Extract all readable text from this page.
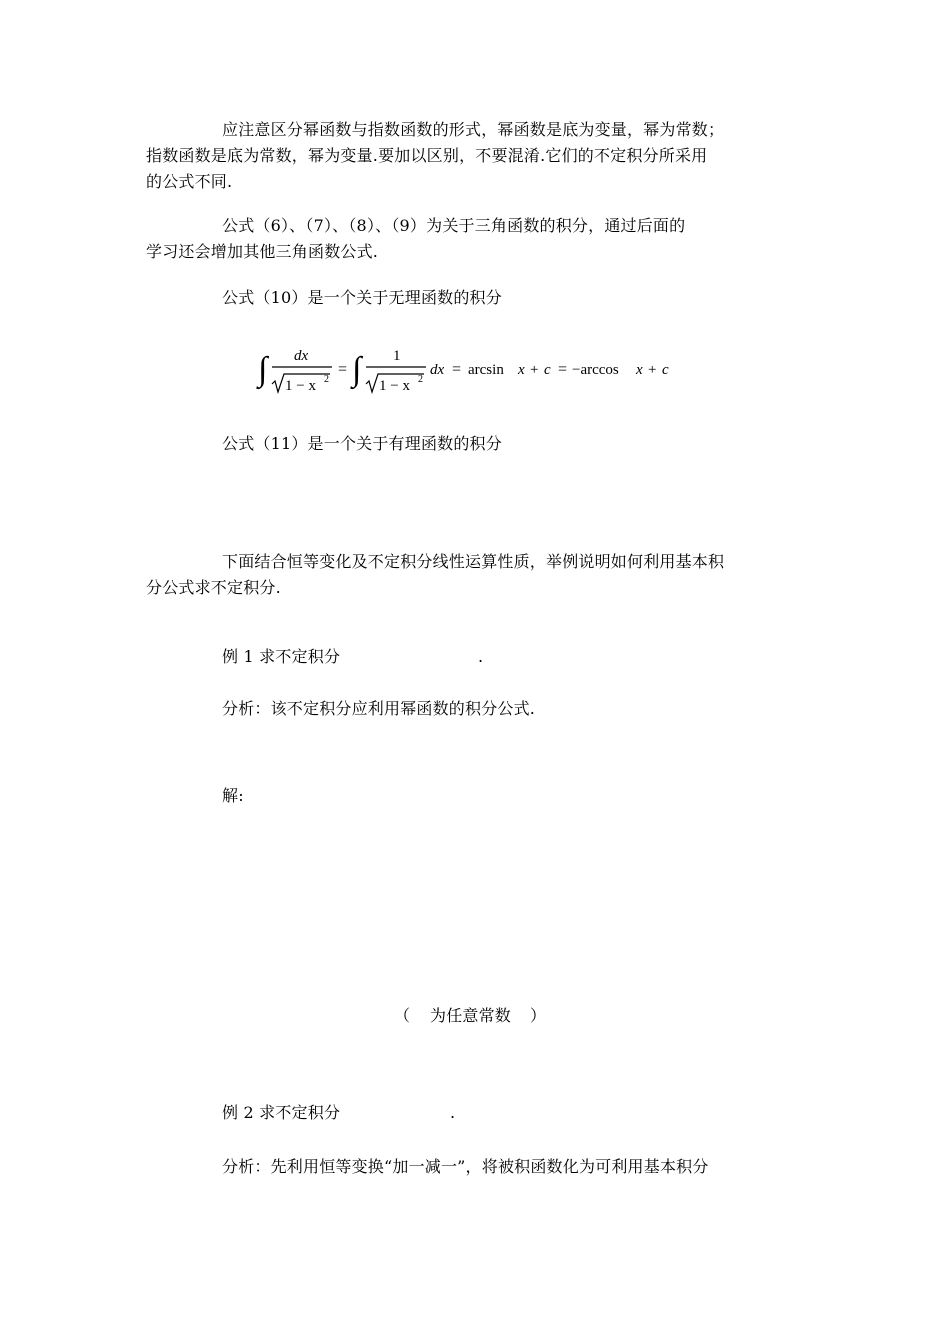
应注意区分幂函数与指数函数的形式，幂函数是底为变量，幂为常数；
指数函数是底为常数，幂为变量.要加以区别，不要混淆.它们的不定积分所采用
的公式不同.
公式（6）、（7）、（8）、（9）为关于三角函数的积分，通过后面的
学习还会增加其他三角函数公式.
公式（10）是一个关于无理函数的积分
∫ dx
1 − x 2
= ∫ 1
1 − x 2
dx = arcsin x + c = −arccos x + c
公式（11）是一个关于有理函数的积分
下面结合恒等变化及不定积分线性运算性质，举例说明如何利用基本积
分公式求不定积分.
例 1 求不定积分	.
分析：该不定积分应利用幂函数的积分公式.
解:
（ 为任意常数 ）
例 2 求不定积分	.
分析：先利用恒等变换“加一减一”，将被积函数化为可利用基本积分
